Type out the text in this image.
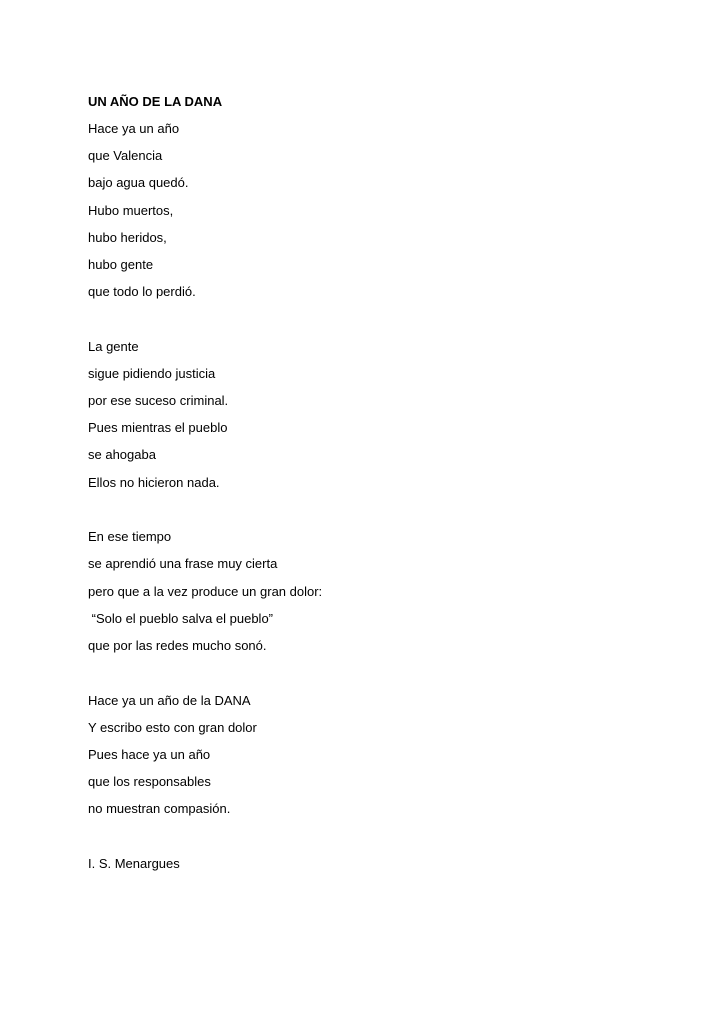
UN AÑO DE LA DANA
Hace ya un año
que Valencia
bajo agua quedó.
Hubo muertos,
hubo heridos,
hubo gente
que todo lo perdió.
La gente
sigue pidiendo justicia
por ese suceso criminal.
Pues mientras el pueblo
se ahogaba
Ellos no hicieron nada.
En ese tiempo
se aprendió una frase muy cierta
pero que a la vez produce un gran dolor:
“Solo el pueblo salva el pueblo”
que por las redes mucho sonó.
Hace ya un año de la DANA
Y escribo esto con gran dolor
Pues hace ya un año
que los responsables
no muestran compasión.
I. S. Menargues
